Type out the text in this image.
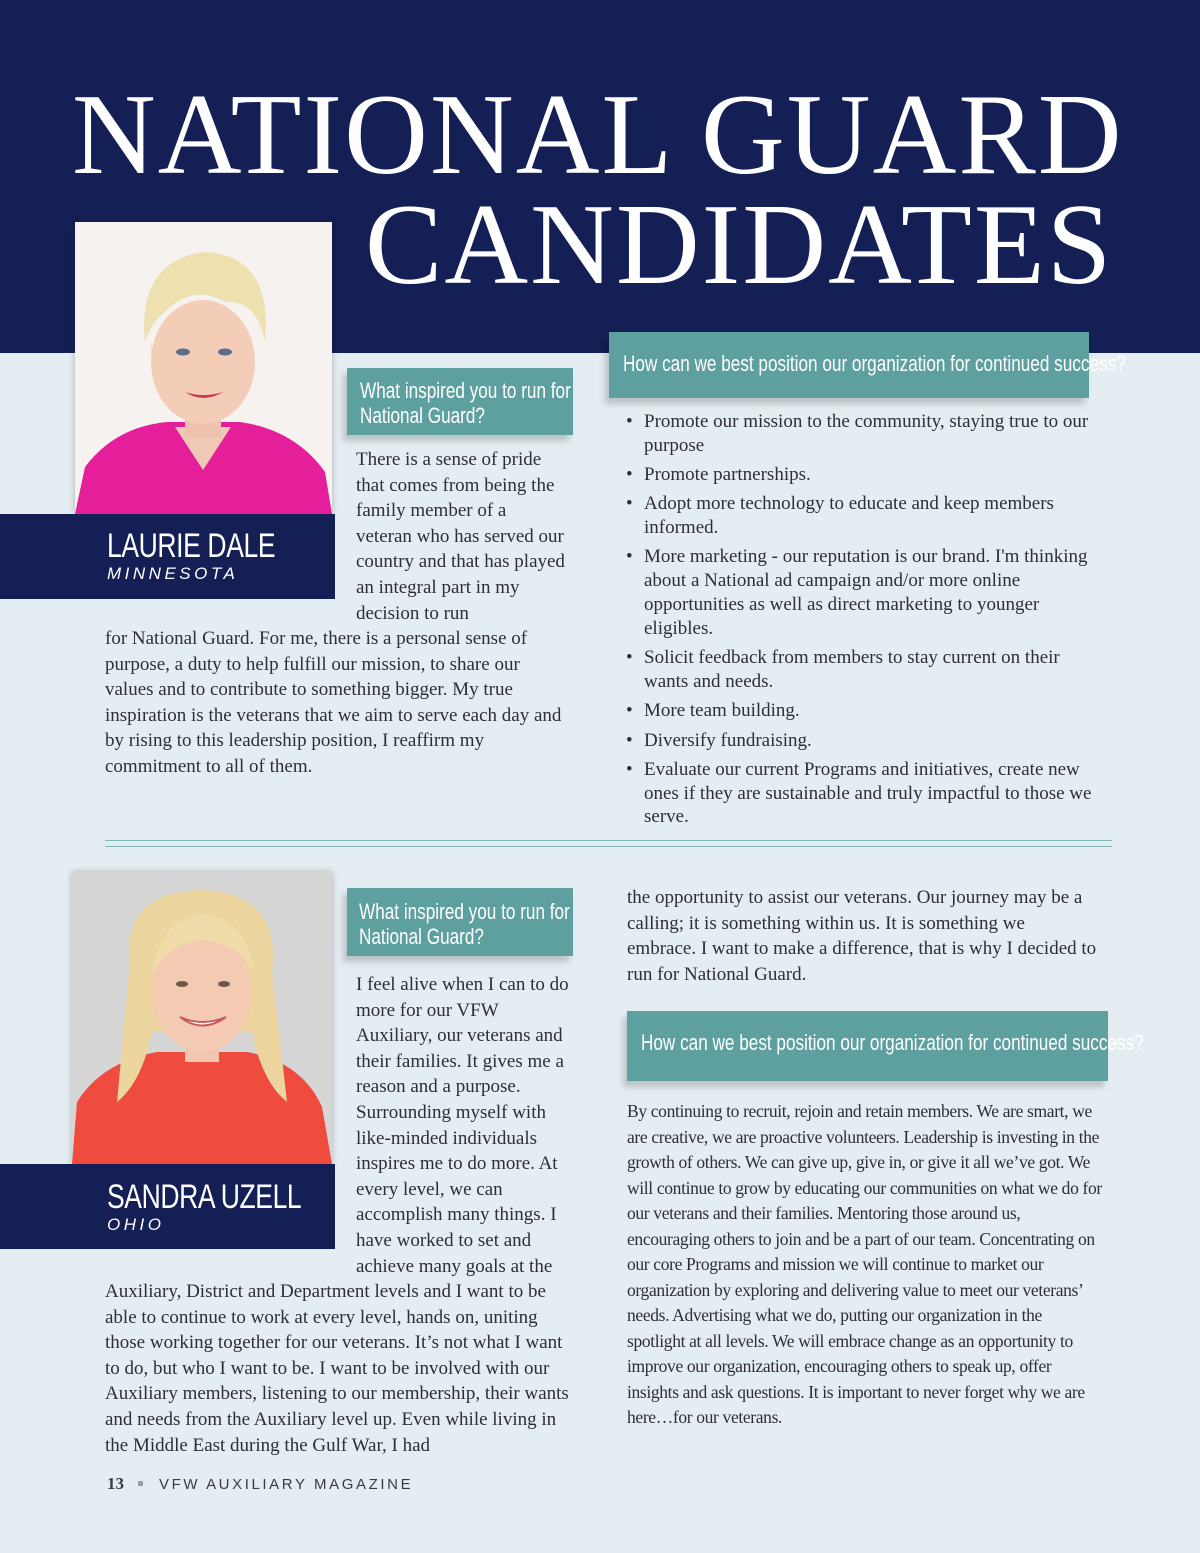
NATIONAL GUARD
CANDIDATES
LAURIE DALE
MINNESOTA
SANDRA UZELL
OHIO
What inspired you to run for
National Guard?
How can we best position our organization for continued success?

There is a sense of pride that comes from being the family member of a veteran who has served our country and that has played an integral part in my decision to run

for National Guard. For me, there is a personal sense of purpose, a duty to help fulfill our mission, to share our values and to contribute to something bigger. My true inspiration is the veterans that we aim to serve each day and by rising to this leadership position, I reaffirm my commitment to all of them.

• Promote our mission to the community, staying true to our purpose
• Promote partnerships.
• Adopt more technology to educate and keep members informed.
• More marketing - our reputation is our brand. I'm thinking about a National ad campaign and/or more online opportunities as well as direct marketing to younger eligibles.
• Solicit feedback from members to stay current on their wants and needs.
• More team building.
• Diversify fundraising.
• Evaluate our current Programs and initiatives, create new ones if they are sustainable and truly impactful to those we serve.
What inspired you to run for
National Guard?
How can we best position our organization for continued success?

I feel alive when I can to do more for our VFW Auxiliary, our veterans and their families. It gives me a reason and a purpose. Surrounding myself with like-minded individuals inspires me to do more. At every level, we can accomplish many things. I have worked to set and achieve many goals at the

Auxiliary, District and Department levels and I want to be able to continue to work at every level, hands on, uniting those working together for our veterans. It’s not what I want to do, but who I want to be. I want to be involved with our Auxiliary members, listening to our membership, their wants and needs from the Auxiliary level up. Even while living in the Middle East during the Gulf War, I had

the opportunity to assist our veterans. Our journey may be a calling; it is something within us. It is something we embrace. I want to make a difference, that is why I decided to run for National Guard.

By continuing to recruit, rejoin and retain members. We are smart, we are creative, we are proactive volunteers. Leadership is investing in the growth of others. We can give up, give in, or give it all we’ve got. We will continue to grow by educating our communities on what we do for our veterans and their families. Mentoring those around us, encouraging others to join and be a part of our team. Concentrating on our core Programs and mission we will continue to market our organization by exploring and delivering value to meet our veterans’ needs. Advertising what we do, putting our organization in the spotlight at all levels. We will embrace change as an opportunity to improve our organization, encouraging others to speak up, offer insights and ask questions. It is important to never forget why we are here…for our veterans.

13 VFW AUXILIARY MAGAZINE
